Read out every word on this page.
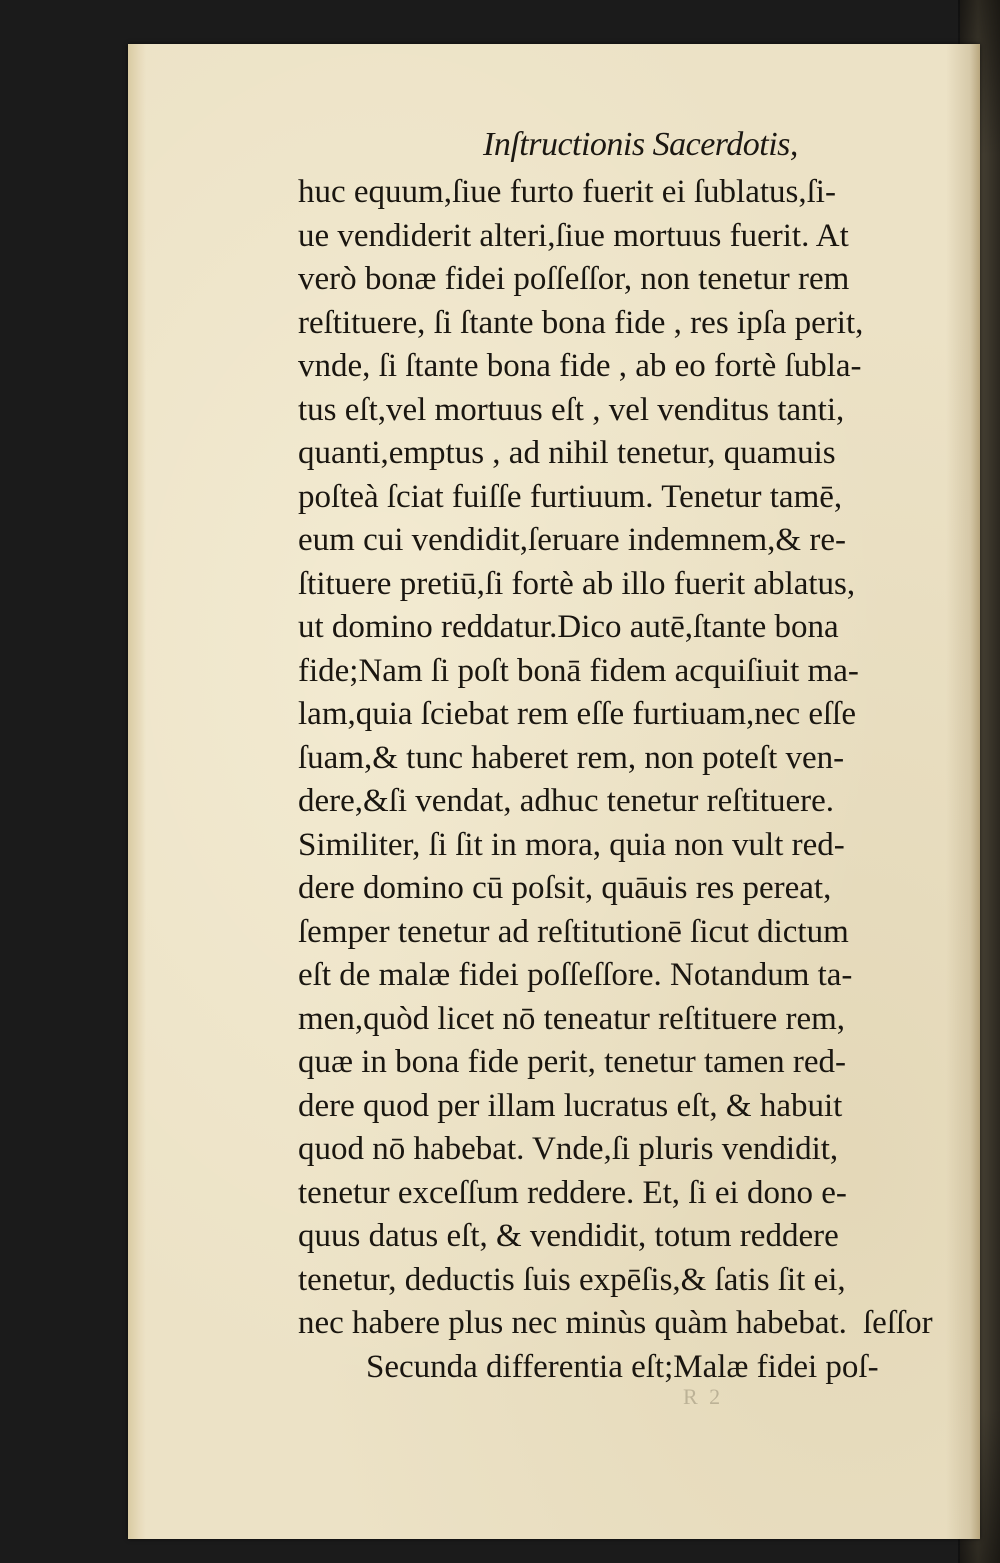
Inſtructionis Sacerdotis,
huc equum,ſiue furto fuerit ei ſublatus,ſi-
ue vendiderit alteri,ſiue mortuus fuerit. At
verò bonæ fidei poſſeſſor, non tenetur rem
reſtituere, ſi ſtante bona fide , res ipſa perit,
vnde, ſi ſtante bona fide , ab eo fortè ſubla-
tus eſt,vel mortuus eſt , vel venditus tanti,
quanti,emptus , ad nihil tenetur, quamuis
poſteà ſciat fuiſſe furtiuum. Tenetur tamē,
eum cui vendidit,ſeruare indemnem,& re-
ſtituere pretiū,ſi fortè ab illo fuerit ablatus,
ut domino reddatur.Dico autē,ſtante bona
fide;Nam ſi poſt bonā fidem acquiſiuit ma-
lam,quia ſciebat rem eſſe furtiuam,nec eſſe
ſuam,& tunc haberet rem, non poteſt ven-
dere,&ſi vendat, adhuc tenetur reſtituere.
Similiter, ſi ſit in mora, quia non vult red-
dere domino cū poſsit, quāuis res pereat,
ſemper tenetur ad reſtitutionē ſicut dictum
eſt de malæ fidei poſſeſſore. Notandum ta-
men,quòd licet nō teneatur reſtituere rem,
quæ in bona fide perit, tenetur tamen red-
dere quod per illam lucratus eſt, & habuit
quod nō habebat. Vnde,ſi pluris vendidit,
tenetur exceſſum reddere. Et, ſi ei dono e-
quus datus eſt, & vendidit, totum reddere
tenetur, deductis ſuis expēſis,& ſatis ſit ei,
nec habere plus nec minùs quàm habebat.
Secunda differentia eſt;Malæ fidei poſ-
R 2
ſeſſor
